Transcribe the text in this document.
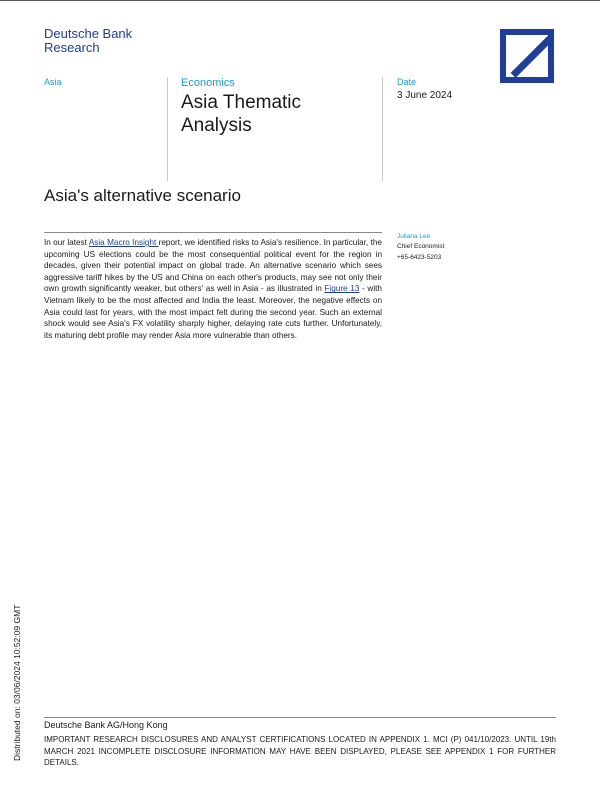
Deutsche Bank
Research
Asia	Economics
Asia Thematic Analysis
Date
3 June 2024
Asia's alternative scenario

In our latest Asia Macro Insight report, we identified risks to Asia's resilience. In particular, the upcoming US elections could be the most consequential political event for the region in decades, given their potential impact on global trade. An alternative scenario which sees aggressive tariff hikes by the US and China on each other's products, may see not only their own growth significantly weaker, but others' as well in Asia - as illustrated in Figure 13 - with Vietnam likely to be the most affected and India the least. Moreover, the negative effects on Asia could last for years, with the most impact felt during the second year. Such an external shock would see Asia's FX volatility sharply higher, delaying rate cuts further. Unfortunately, its maturing debt profile may render Asia more vulnerable than others.

Juliana Lee
Chief Economist
+65-6423-5203
Deutsche Bank AG/Hong Kong

IMPORTANT RESEARCH DISCLOSURES AND ANALYST CERTIFICATIONS LOCATED IN APPENDIX 1. MCI (P) 041/10/2023. UNTIL 19th MARCH 2021 INCOMPLETE DISCLOSURE INFORMATION MAY HAVE BEEN DISPLAYED, PLEASE SEE APPENDIX 1 FOR FURTHER DETAILS.

Distributed on: 03/06/2024 10:52:09 GMT
